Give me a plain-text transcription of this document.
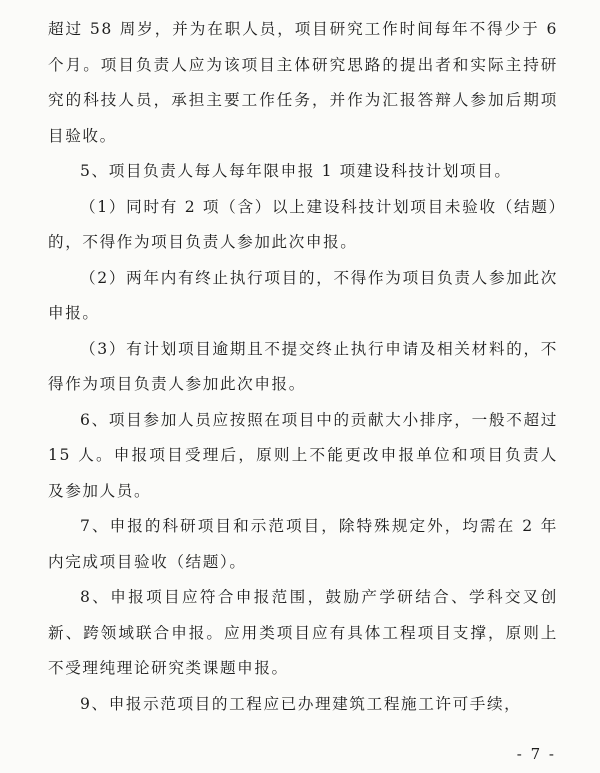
超过 58 周岁，并为在职人员，项目研究工作时间每年不得少于 6 个月。项目负责人应为该项目主体研究思路的提出者和实际主持研究的科技人员，承担主要工作任务，并作为汇报答辩人参加后期项目验收。

5、项目负责人每人每年限申报 1 项建设科技计划项目。

（1）同时有 2 项（含）以上建设科技计划项目未验收（结题）的，不得作为项目负责人参加此次申报。

（2）两年内有终止执行项目的，不得作为项目负责人参加此次申报。

（3）有计划项目逾期且不提交终止执行申请及相关材料的，不得作为项目负责人参加此次申报。

6、项目参加人员应按照在项目中的贡献大小排序，一般不超过 15 人。申报项目受理后，原则上不能更改申报单位和项目负责人及参加人员。

7、申报的科研项目和示范项目，除特殊规定外，均需在 2 年内完成项目验收（结题）。

8、申报项目应符合申报范围，鼓励产学研结合、学科交叉创新、跨领域联合申报。应用类项目应有具体工程项目支撑，原则上不受理纯理论研究类课题申报。

9、申报示范项目的工程应已办理建筑工程施工许可手续，

- 7 -
